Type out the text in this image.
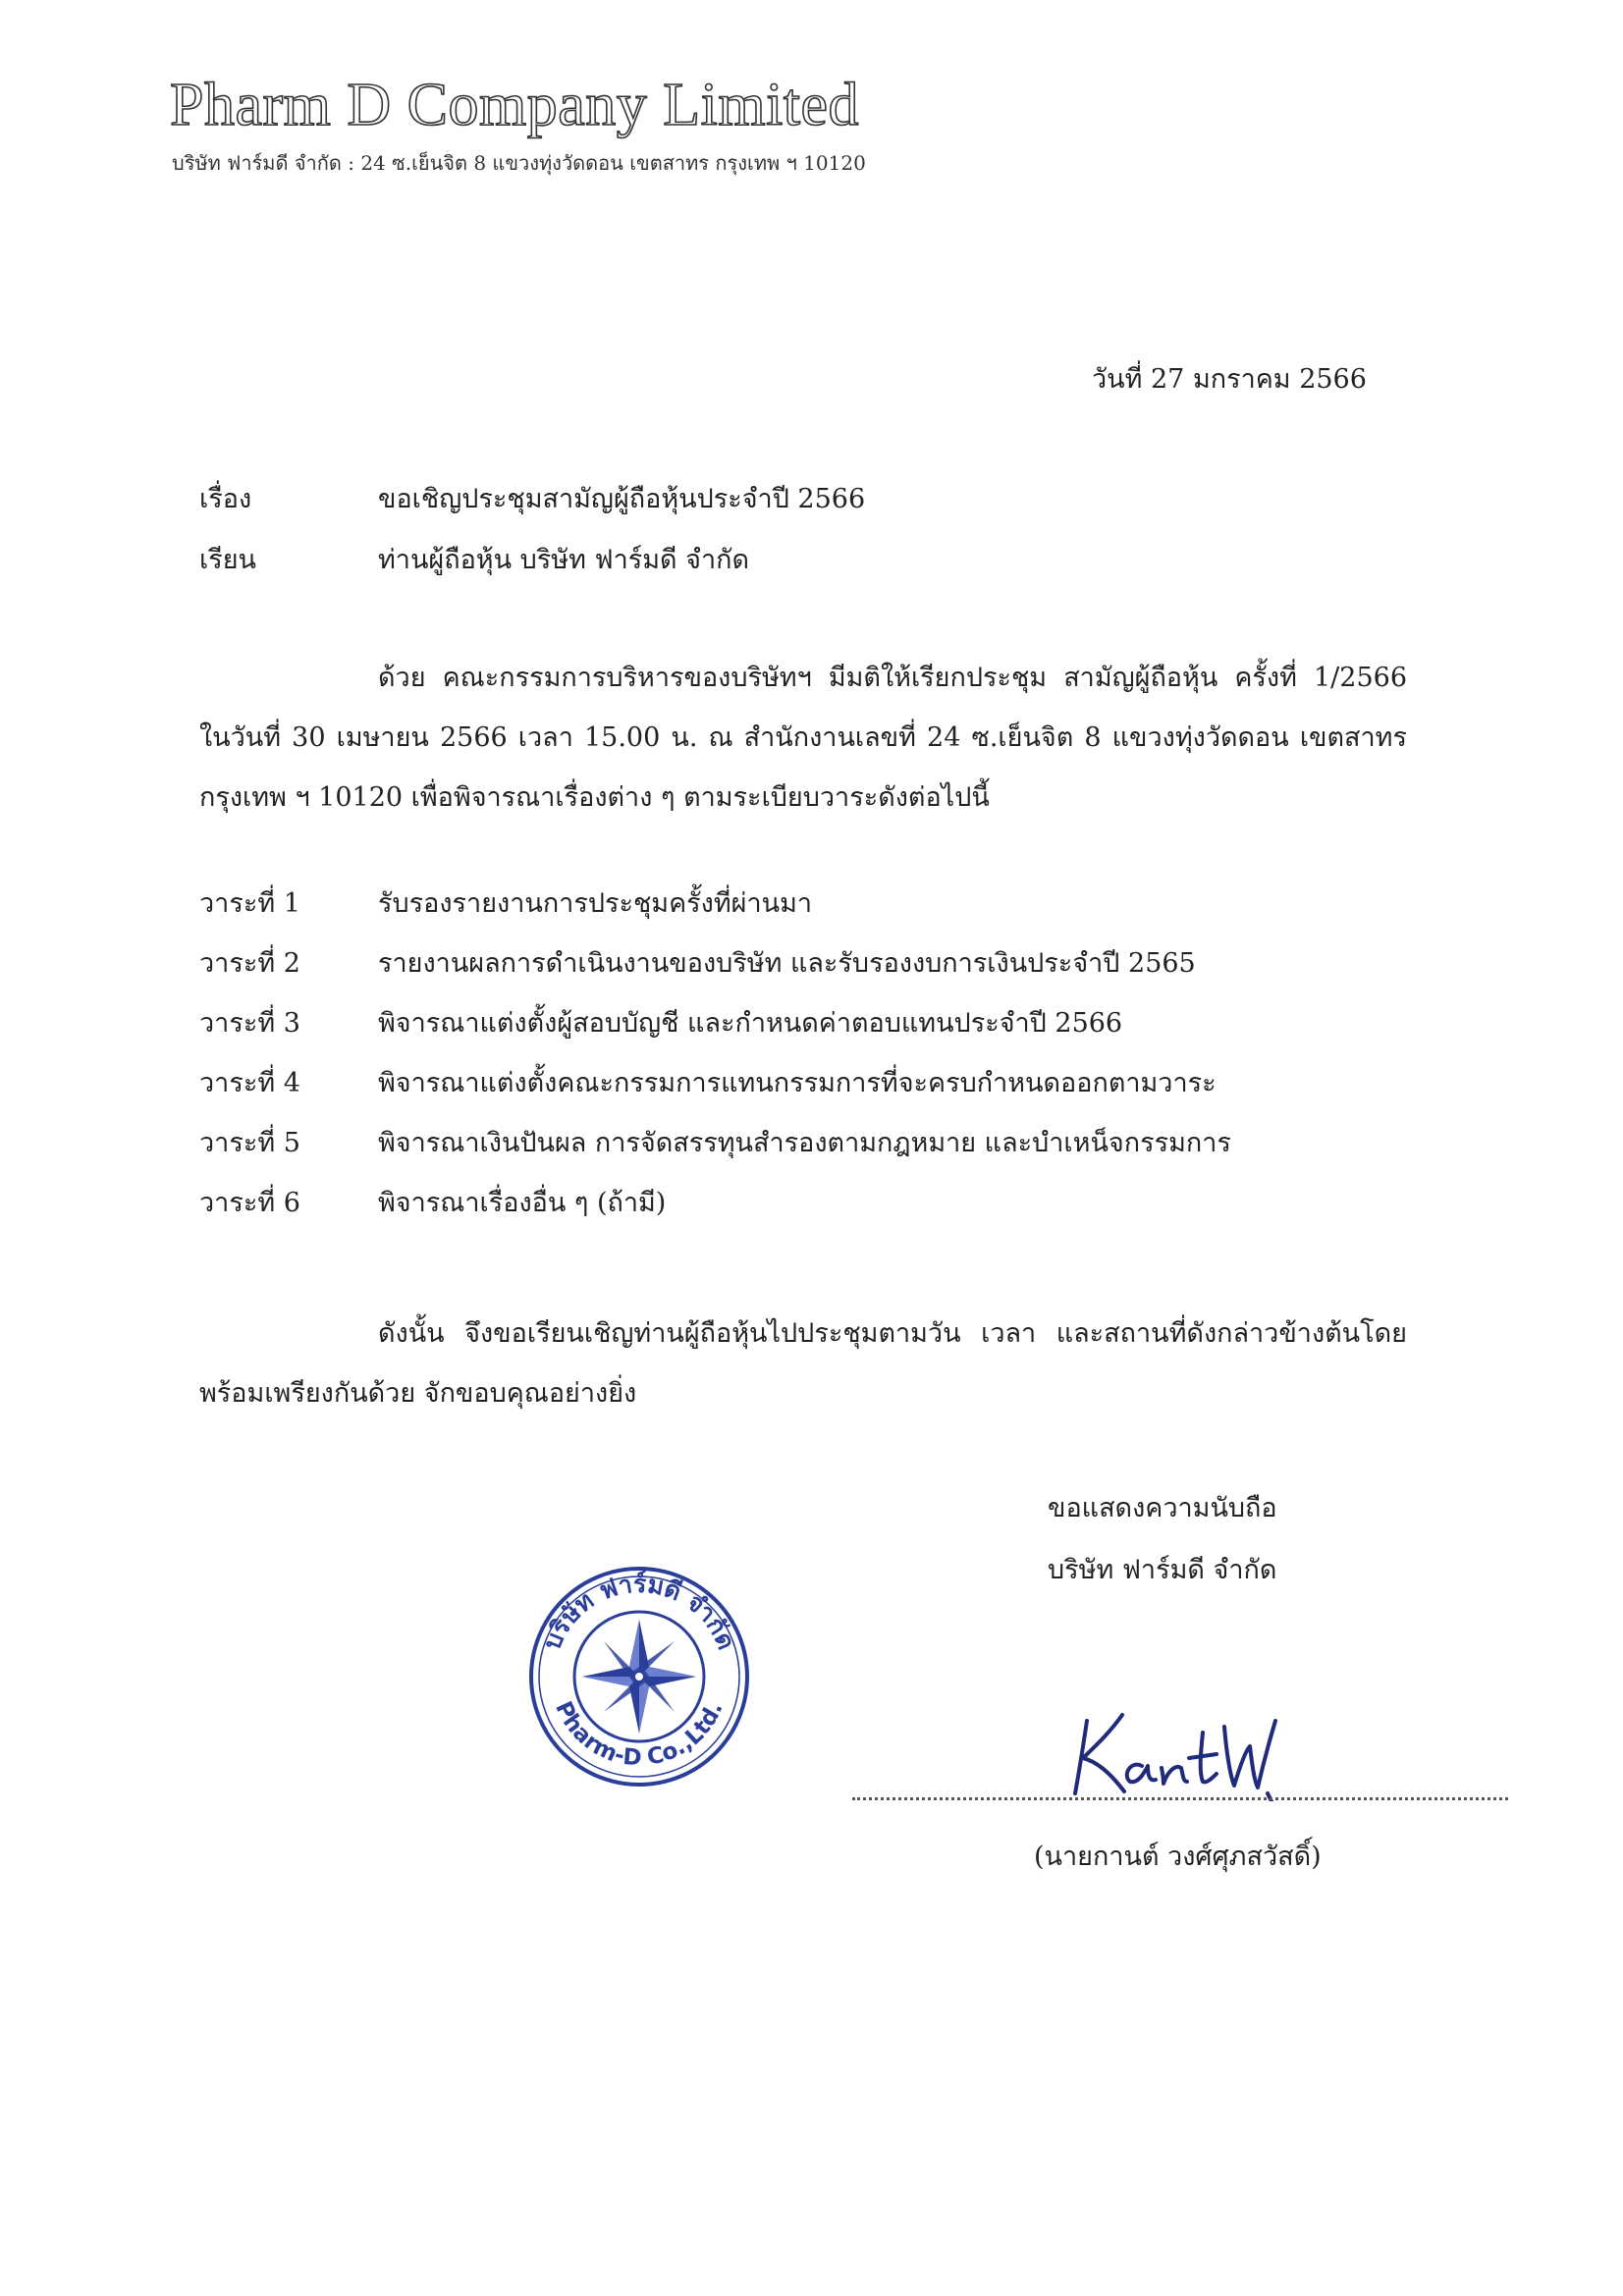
Pharm D Company Limited
บริษัท ฟาร์มดี จำกัด : 24 ซ.เย็นจิต 8 แขวงทุ่งวัดดอน เขตสาทร กรุงเทพ ฯ 10120
วันที่ 27 มกราคม 2566
เรื่อง	ขอเชิญประชุมสามัญผู้ถือหุ้นประจำปี 2566
เรียน	ท่านผู้ถือหุ้น บริษัท ฟาร์มดี จำกัด
ด้วย คณะกรรมการบริหารของบริษัทฯ มีมติให้เรียกประชุม สามัญผู้ถือหุ้น ครั้งที่ 1/2566
ในวันที่ 30 เมษายน 2566 เวลา 15.00 น. ณ สำนักงานเลขที่ 24 ซ.เย็นจิต 8 แขวงทุ่งวัดดอน เขตสาทร
กรุงเทพ ฯ 10120 เพื่อพิจารณาเรื่องต่าง ๆ ตามระเบียบวาระดังต่อไปนี้
วาระที่ 1	รับรองรายงานการประชุมครั้งที่ผ่านมา
วาระที่ 2	รายงานผลการดำเนินงานของบริษัท และรับรองงบการเงินประจำปี 2565
วาระที่ 3	พิจารณาแต่งตั้งผู้สอบบัญชี และกำหนดค่าตอบแทนประจำปี 2566
วาระที่ 4	พิจารณาแต่งตั้งคณะกรรมการแทนกรรมการที่จะครบกำหนดออกตามวาระ
วาระที่ 5	พิจารณาเงินปันผล การจัดสรรทุนสำรองตามกฎหมาย และบำเหน็จกรรมการ
วาระที่ 6	พิจารณาเรื่องอื่น ๆ (ถ้ามี)
ดังนั้น จึงขอเรียนเชิญท่านผู้ถือหุ้นไปประชุมตามวัน เวลา และสถานที่ดังกล่าวข้างต้นโดย
พร้อมเพรียงกันด้วย จักขอบคุณอย่างยิ่ง
ขอแสดงความนับถือ
บริษัท ฟาร์มดี จำกัด
บริษัท ฟาร์มดี จำกัด
Pharm-D Co.,Ltd.
(นายกานต์ วงศ์ศุภสวัสดิ์)
